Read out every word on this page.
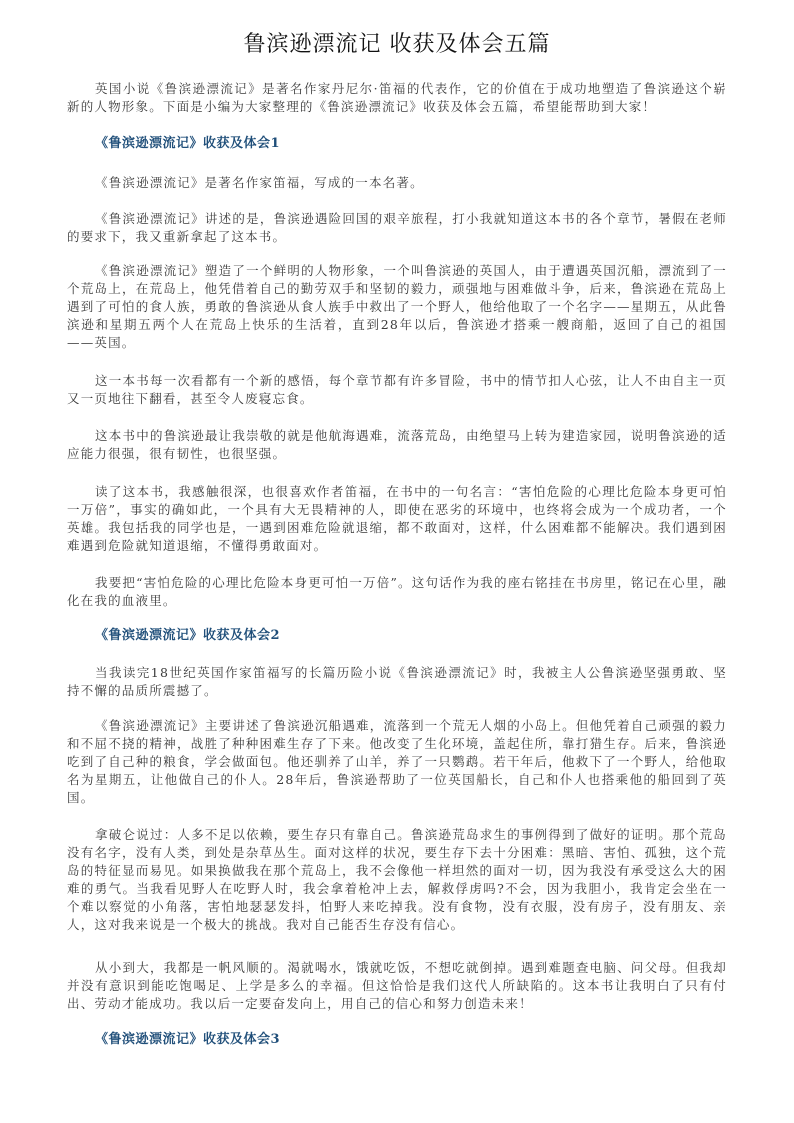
鲁滨逊漂流记 收获及体会五篇

英国小说《鲁滨逊漂流记》是著名作家丹尼尔·笛福的代表作，它的价值在于成功地塑造了鲁滨逊这个崭新的人物形象。下面是小编为大家整理的《鲁滨逊漂流记》收获及体会五篇，希望能帮助到大家！

《鲁滨逊漂流记》收获及体会1

《鲁滨逊漂流记》是著名作家笛福，写成的一本名著。

《鲁滨逊漂流记》讲述的是，鲁滨逊遇险回国的艰辛旅程，打小我就知道这本书的各个章节，暑假在老师的要求下，我又重新拿起了这本书。

《鲁滨逊漂流记》塑造了一个鲜明的人物形象，一个叫鲁滨逊的英国人，由于遭遇英国沉船，漂流到了一个荒岛上，在荒岛上，他凭借着自己的勤劳双手和坚韧的毅力，顽强地与困难做斗争，后来，鲁滨逊在荒岛上遇到了可怕的食人族，勇敢的鲁滨逊从食人族手中救出了一个野人，他给他取了一个名字——星期五，从此鲁滨逊和星期五两个人在荒岛上快乐的生活着，直到28年以后，鲁滨逊才搭乘一艘商船，返回了自己的祖国——英国。

这一本书每一次看都有一个新的感悟，每个章节都有许多冒险，书中的情节扣人心弦，让人不由自主一页又一页地往下翻看，甚至令人废寝忘食。

这本书中的鲁滨逊最让我崇敬的就是他航海遇难，流落荒岛，由绝望马上转为建造家园，说明鲁滨逊的适应能力很强，很有韧性，也很坚强。

读了这本书，我感触很深，也很喜欢作者笛福，在书中的一句名言：“害怕危险的心理比危险本身更可怕一万倍”，事实的确如此，一个具有大无畏精神的人，即使在恶劣的环境中，也终将会成为一个成功者，一个英雄。我包括我的同学也是，一遇到困难危险就退缩，都不敢面对，这样，什么困难都不能解决。我们遇到困难遇到危险就知道退缩，不懂得勇敢面对。

我要把“害怕危险的心理比危险本身更可怕一万倍”。这句话作为我的座右铭挂在书房里，铭记在心里，融化在我的血液里。

《鲁滨逊漂流记》收获及体会2

当我读完18世纪英国作家笛福写的长篇历险小说《鲁滨逊漂流记》时，我被主人公鲁滨逊坚强勇敢、坚持不懈的品质所震撼了。

《鲁滨逊漂流记》主要讲述了鲁滨逊沉船遇难，流落到一个荒无人烟的小岛上。但他凭着自己顽强的毅力和不屈不挠的精神，战胜了种种困难生存了下来。他改变了生化环境，盖起住所，靠打猎生存。后来，鲁滨逊吃到了自己种的粮食，学会做面包。他还驯养了山羊，养了一只鹦鹉。若干年后，他救下了一个野人，给他取名为星期五，让他做自己的仆人。28年后，鲁滨逊帮助了一位英国船长，自己和仆人也搭乘他的船回到了英国。

拿破仑说过：人多不足以依赖，要生存只有靠自己。鲁滨逊荒岛求生的事例得到了做好的证明。那个荒岛没有名字，没有人类，到处是杂草丛生。面对这样的状况，要生存下去十分困难：黑暗、害怕、孤独，这个荒岛的特征显而易见。如果换做我在那个荒岛上，我不会像他一样坦然的面对一切，因为我没有承受这么大的困难的勇气。当我看见野人在吃野人时，我会拿着枪冲上去，解救俘虏吗?不会，因为我胆小，我肯定会坐在一个难以察觉的小角落，害怕地瑟瑟发抖，怕野人来吃掉我。没有食物，没有衣服，没有房子，没有朋友、亲人，这对我来说是一个极大的挑战。我对自己能否生存没有信心。

从小到大，我都是一帆风顺的。渴就喝水，饿就吃饭，不想吃就倒掉。遇到难题查电脑、问父母。但我却并没有意识到能吃饱喝足、上学是多么的幸福。但这恰恰是我们这代人所缺陷的。这本书让我明白了只有付出、劳动才能成功。我以后一定要奋发向上，用自己的信心和努力创造未来！

《鲁滨逊漂流记》收获及体会3
